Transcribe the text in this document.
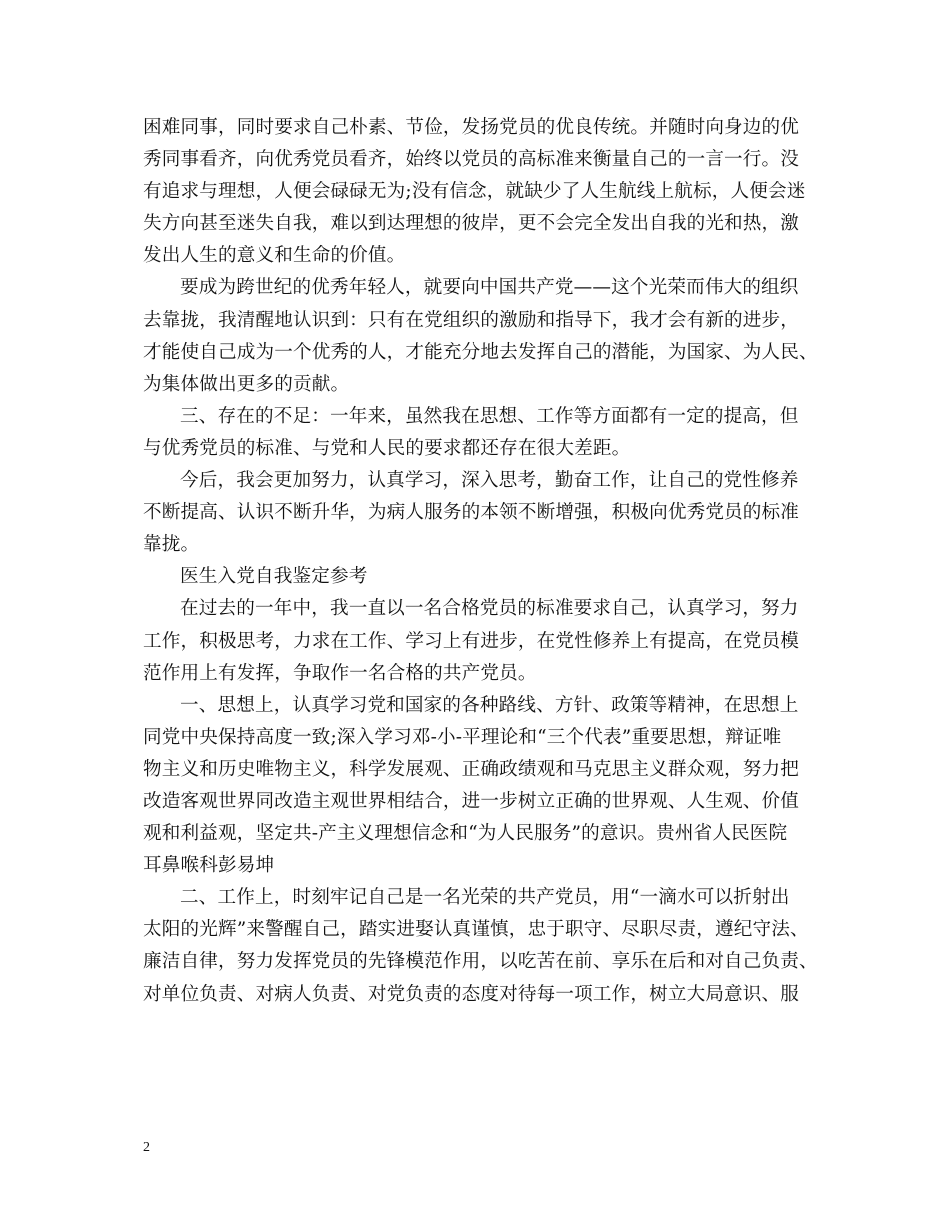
困难同事，同时要求自己朴素、节俭，发扬党员的优良传统。并随时向身边的优
秀同事看齐，向优秀党员看齐，始终以党员的高标准来衡量自己的一言一行。没
有追求与理想，人便会碌碌无为;没有信念，就缺少了人生航线上航标，人便会迷
失方向甚至迷失自我，难以到达理想的彼岸，更不会完全发出自我的光和热，激
发出人生的意义和生命的价值。
要成为跨世纪的优秀年轻人，就要向中国共产党——这个光荣而伟大的组织
去靠拢，我清醒地认识到：只有在党组织的激励和指导下，我才会有新的进步，
才能使自己成为一个优秀的人，才能充分地去发挥自己的潜能，为国家、为人民、
为集体做出更多的贡献。
三、存在的不足：一年来，虽然我在思想、工作等方面都有一定的提高，但
与优秀党员的标准、与党和人民的要求都还存在很大差距。
今后，我会更加努力，认真学习，深入思考，勤奋工作，让自己的党性修养
不断提高、认识不断升华，为病人服务的本领不断增强，积极向优秀党员的标准
靠拢。
医生入党自我鉴定参考
在过去的一年中，我一直以一名合格党员的标准要求自己，认真学习，努力
工作，积极思考，力求在工作、学习上有进步，在党性修养上有提高，在党员模
范作用上有发挥，争取作一名合格的共产党员。
一、思想上，认真学习党和国家的各种路线、方针、政策等精神，在思想上
同党中央保持高度一致;深入学习邓-小-平理论和“三个代表”重要思想，辩证唯
物主义和历史唯物主义，科学发展观、正确政绩观和马克思主义群众观，努力把
改造客观世界同改造主观世界相结合，进一步树立正确的世界观、人生观、价值
观和利益观，坚定共-产主义理想信念和“为人民服务”的意识。贵州省人民医院
耳鼻喉科彭易坤
二、工作上，时刻牢记自己是一名光荣的共产党员，用“一滴水可以折射出
太阳的光辉”来警醒自己，踏实进娶认真谨慎，忠于职守、尽职尽责，遵纪守法、
廉洁自律，努力发挥党员的先锋模范作用，以吃苦在前、享乐在后和对自己负责、
对单位负责、对病人负责、对党负责的态度对待每一项工作，树立大局意识、服
2
